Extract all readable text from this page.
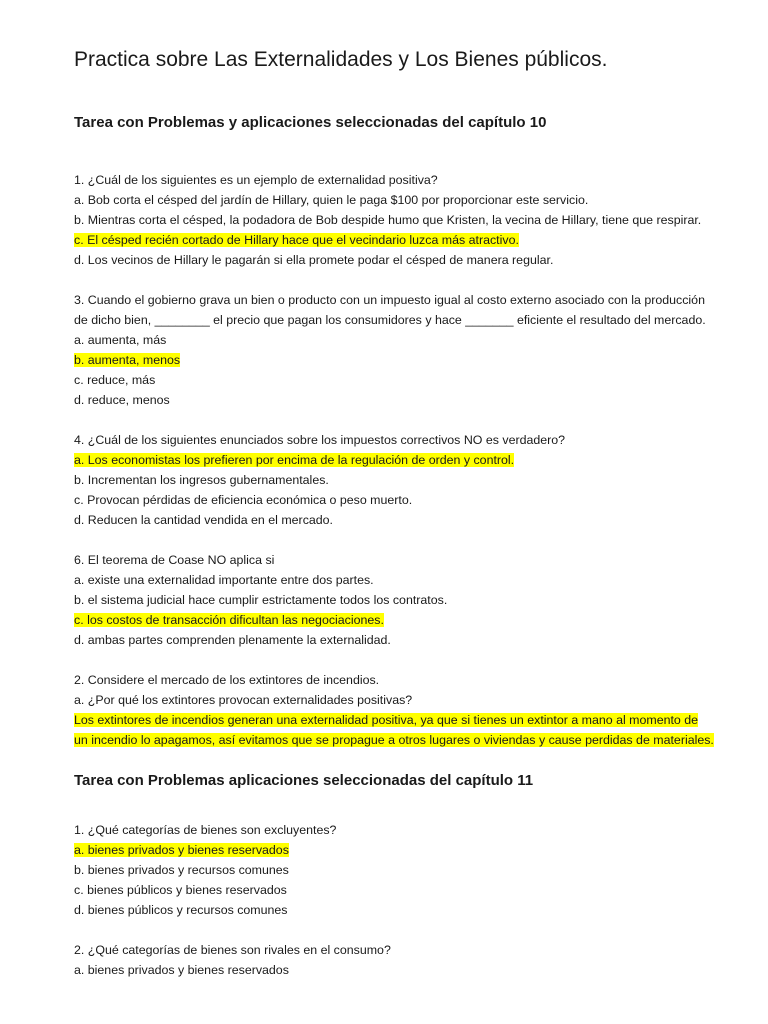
Practica sobre Las Externalidades y Los Bienes públicos.
Tarea con Problemas y aplicaciones seleccionadas del capítulo 10
1. ¿Cuál de los siguientes es un ejemplo de externalidad positiva?
a. Bob corta el césped del jardín de Hillary, quien le paga $100 por proporcionar este servicio.
b. Mientras corta el césped, la podadora de Bob despide humo que Kristen, la vecina de Hillary, tiene que respirar.
c. El césped recién cortado de Hillary hace que el vecindario luzca más atractivo.
d. Los vecinos de Hillary le pagarán si ella promete podar el césped de manera regular.
3. Cuando el gobierno grava un bien o producto con un impuesto igual al costo externo asociado con la producción
de dicho bien, ________ el precio que pagan los consumidores y hace _______ eficiente el resultado del mercado.
a. aumenta, más
b. aumenta, menos
c. reduce, más
d. reduce, menos
4. ¿Cuál de los siguientes enunciados sobre los impuestos correctivos NO es verdadero?
a. Los economistas los prefieren por encima de la regulación de orden y control.
b. Incrementan los ingresos gubernamentales.
c. Provocan pérdidas de eficiencia económica o peso muerto.
d. Reducen la cantidad vendida en el mercado.
6. El teorema de Coase NO aplica si
a. existe una externalidad importante entre dos partes.
b. el sistema judicial hace cumplir estrictamente todos los contratos.
c. los costos de transacción dificultan las negociaciones.
d. ambas partes comprenden plenamente la externalidad.
2. Considere el mercado de los extintores de incendios.
a. ¿Por qué los extintores provocan externalidades positivas?
Los extintores de incendios generan una externalidad positiva, ya que si tienes un extintor a mano al momento de
un incendio lo apagamos, así evitamos que se propague a otros lugares o viviendas y cause perdidas de materiales.
Tarea con Problemas aplicaciones seleccionadas del capítulo 11
1. ¿Qué categorías de bienes son excluyentes?
a. bienes privados y bienes reservados
b. bienes privados y recursos comunes
c. bienes públicos y bienes reservados
d. bienes públicos y recursos comunes
2. ¿Qué categorías de bienes son rivales en el consumo?
a. bienes privados y bienes reservados
